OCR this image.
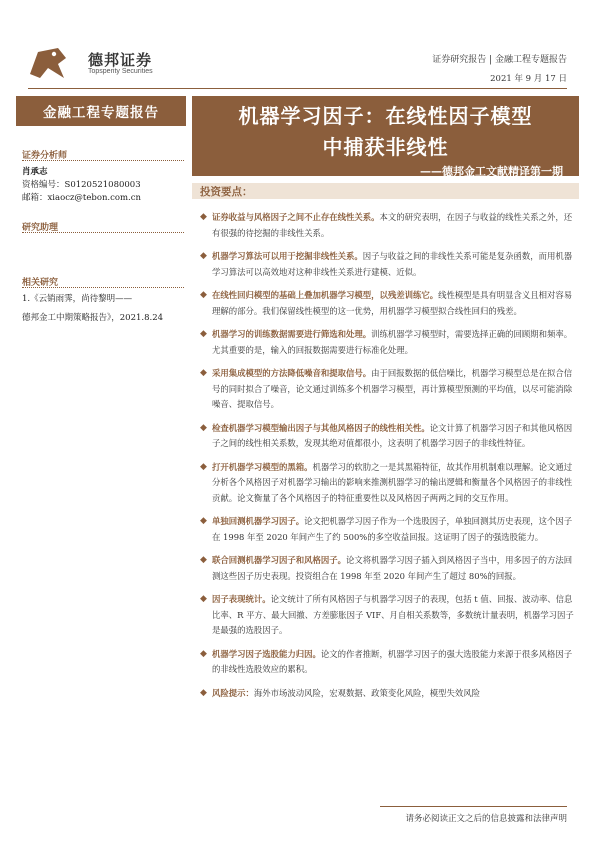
德邦证券
Topsperity Securities
证券研究报告 | 金融工程专题报告
2021 年 9 月 17 日
金融工程专题报告
证券分析师
肖承志
资格编号：S0120521080003
邮箱：xiaocz@tebon.com.cn
研究助理
相关研究
1.《云销雨霁，尚待黎明——
德邦金工中期策略报告》，2021.8.24
机器学习因子：在线性因子模型
中捕获非线性
——德邦金工文献精译第一期
投资要点：
◆ 证券收益与风格因子之间不止存在线性关系。本文的研究表明，在因子与收益的线性关系之外，还有很强的待挖掘的非线性关系。
◆ 机器学习算法可以用于挖掘非线性关系。因子与收益之间的非线性关系可能是复杂函数，而用机器学习算法可以高效地对这种非线性关系进行建模、近似。
◆ 在线性回归模型的基础上叠加机器学习模型，以残差训练它。线性模型是具有明显含义且相对容易理解的部分。我们保留线性模型的这一优势，用机器学习模型拟合线性回归的残差。
◆ 机器学习的训练数据需要进行筛选和处理。训练机器学习模型时，需要选择正确的回顾期和频率。尤其重要的是，输入的回报数据需要进行标准化处理。
◆ 采用集成模型的方法降低噪音和提取信号。由于回报数据的低信噪比，机器学习模型总是在拟合信号的同时拟合了噪音，论文通过训练多个机器学习模型，再计算模型预测的平均值，以尽可能消除噪音、提取信号。
◆ 检查机器学习模型输出因子与其他风格因子的线性相关性。论文计算了机器学习因子和其他风格因子之间的线性相关系数，发现其绝对值都很小，这表明了机器学习因子的非线性特征。
◆ 打开机器学习模型的黑箱。机器学习的软肋之一是其黑箱特征，故其作用机制难以理解。论文通过分析各个风格因子对机器学习输出的影响来推测机器学习的输出逻辑和衡量各个风格因子的非线性贡献。论文衡量了各个风格因子的特征重要性以及风格因子两两之间的交互作用。
◆ 单独回测机器学习因子。论文把机器学习因子作为一个选股因子，单独回测其历史表现，这个因子在 1998 年至 2020 年间产生了约 500%的多空收益回报。这证明了因子的强选股能力。
◆ 联合回测机器学习因子和风格因子。论文将机器学习因子插入到风格因子当中，用多因子的方法回测这些因子历史表现。投资组合在 1998 年至 2020 年间产生了超过 80%的回报。
◆ 因子表现统计。论文统计了所有风格因子与机器学习因子的表现，包括 t 值、回报、波动率、信息比率、R 平方、最大回撤、方差膨胀因子 VIF、月自相关系数等，多数统计量表明，机器学习因子是最强的选股因子。
◆ 机器学习因子选股能力归因。论文的作者推断，机器学习因子的强大选股能力来源于很多风格因子的非线性选股效应的累积。
◆ 风险提示：海外市场波动风险，宏观数据、政策变化风险，模型失效风险
请务必阅读正文之后的信息披露和法律声明
